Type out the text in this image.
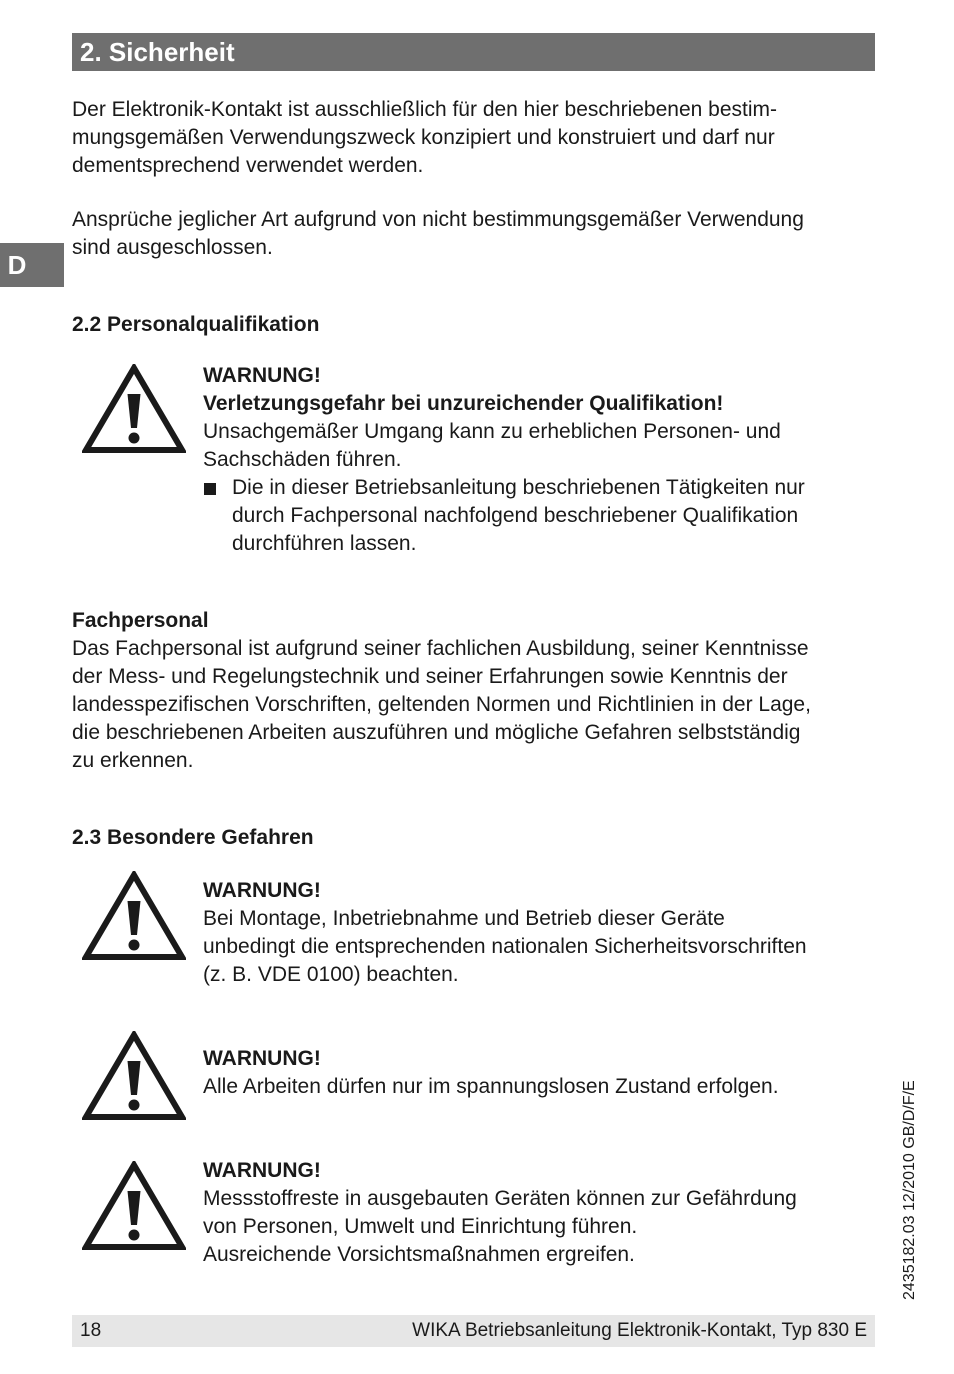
2. Sicherheit
D

Der Elektronik-Kontakt ist ausschließlich für den hier beschriebenen bestim-
mungsgemäßen Verwendungszweck konzipiert und konstruiert und darf nur
dementsprechend verwendet werden.

Ansprüche jeglicher Art aufgrund von nicht bestimmungsgemäßer Verwendung
sind ausgeschlossen.

2.2 Personalqualifikation

WARNUNG!
Verletzungsgefahr bei unzureichender Qualifikation!
Unsachgemäßer Umgang kann zu erheblichen Personen- und
Sachschäden führen.
Die in dieser Betriebsanleitung beschriebenen Tätigkeiten nur
durch Fachpersonal nachfolgend beschriebener Qualifikation
durchführen lassen.

Fachpersonal

Das Fachpersonal ist aufgrund seiner fachlichen Ausbildung, seiner Kenntnisse
der Mess- und Regelungstechnik und seiner Erfahrungen sowie Kenntnis der
landesspezifischen Vorschriften, geltenden Normen und Richtlinien in der Lage,
die beschriebenen Arbeiten auszuführen und mögliche Gefahren selbstständig
zu erkennen.

2.3 Besondere Gefahren

WARNUNG!
Bei Montage, Inbetriebnahme und Betrieb dieser Geräte
unbedingt die entsprechenden nationalen Sicherheitsvorschriften
(z. B. VDE 0100) beachten.
WARNUNG!
Alle Arbeiten dürfen nur im spannungslosen Zustand erfolgen.
WARNUNG!
Messstoffreste in ausgebauten Geräten können zur Gefährdung
von Personen, Umwelt und Einrichtung führen.
Ausreichende Vorsichtsmaßnahmen ergreifen.	2435182.03 12/2010 GB/D/F/E
18	WIKA Betriebsanleitung Elektronik-Kontakt, Typ 830 E
